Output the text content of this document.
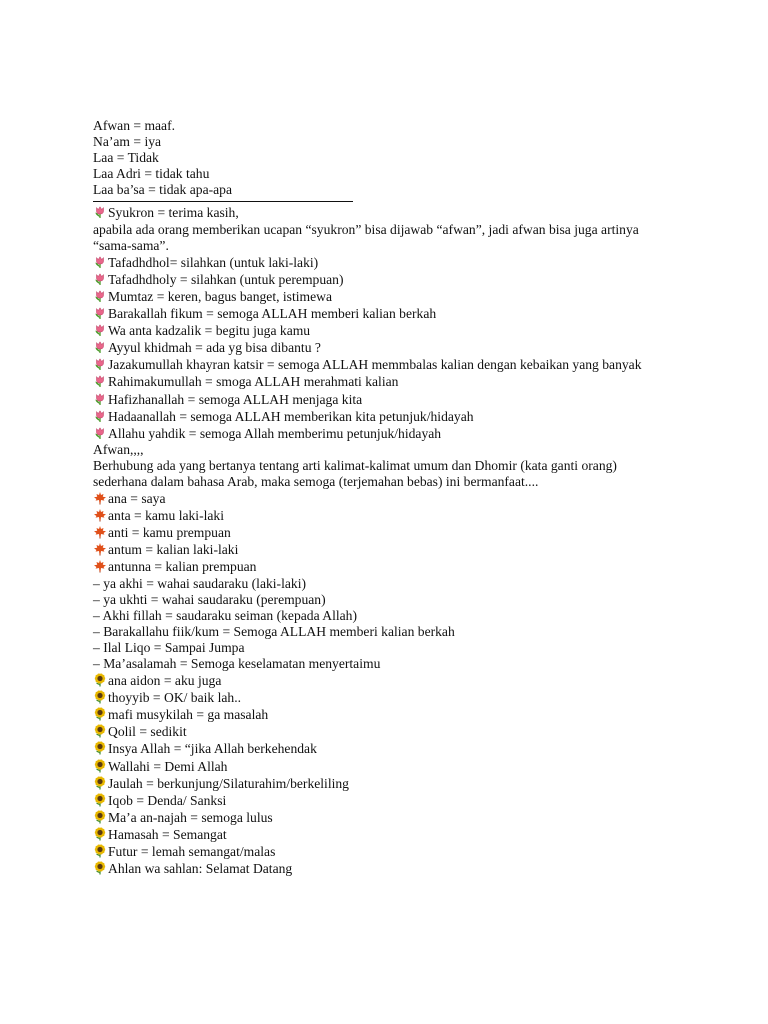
Afwan = maaf.
Na’am = iya
Laa = Tidak
Laa Adri = tidak tahu
Laa ba’sa = tidak apa-apa
Syukron = terima kasih,
apabila ada orang memberikan ucapan “syukron” bisa dijawab “afwan”, jadi afwan bisa juga artinya “sama-sama”.
Tafadhdhol= silahkan (untuk laki-laki)
Tafadhdholy = silahkan (untuk perempuan)
Mumtaz = keren, bagus banget, istimewa
Barakallah fikum = semoga ALLAH memberi kalian berkah
Wa anta kadzalik = begitu juga kamu
Ayyul khidmah = ada yg bisa dibantu ?
Jazakumullah khayran katsir = semoga ALLAH memmbalas kalian dengan kebaikan yang banyak
Rahimakumullah = smoga ALLAH merahmati kalian
Hafizhanallah = semoga ALLAH menjaga kita
Hadaanallah = semoga ALLAH memberikan kita petunjuk/hidayah
Allahu yahdik = semoga Allah memberimu petunjuk/hidayah
Afwan,,,,
Berhubung ada yang bertanya tentang arti kalimat-kalimat umum dan Dhomir (kata ganti orang) sederhana dalam bahasa Arab, maka semoga (terjemahan bebas) ini bermanfaat....
ana = saya
anta = kamu laki-laki
anti = kamu prempuan
antum = kalian laki-laki
antunna = kalian prempuan
– ya akhi = wahai saudaraku (laki-laki)
– ya ukhti = wahai saudaraku (perempuan)
– Akhi fillah = saudaraku seiman (kepada Allah)
– Barakallahu fiik/kum = Semoga ALLAH memberi kalian berkah
– Ilal Liqo = Sampai Jumpa
– Ma’asalamah = Semoga keselamatan menyertaimu
ana aidon = aku juga
thoyyib = OK/ baik lah..
mafi musykilah = ga masalah
Qolil = sedikit
Insya Allah = “jika Allah berkehendak
Wallahi = Demi Allah
Jaulah = berkunjung/Silaturahim/berkeliling
Iqob = Denda/ Sanksi
Ma’a an-najah = semoga lulus
Hamasah = Semangat
Futur = lemah semangat/malas
Ahlan wa sahlan: Selamat Datang
